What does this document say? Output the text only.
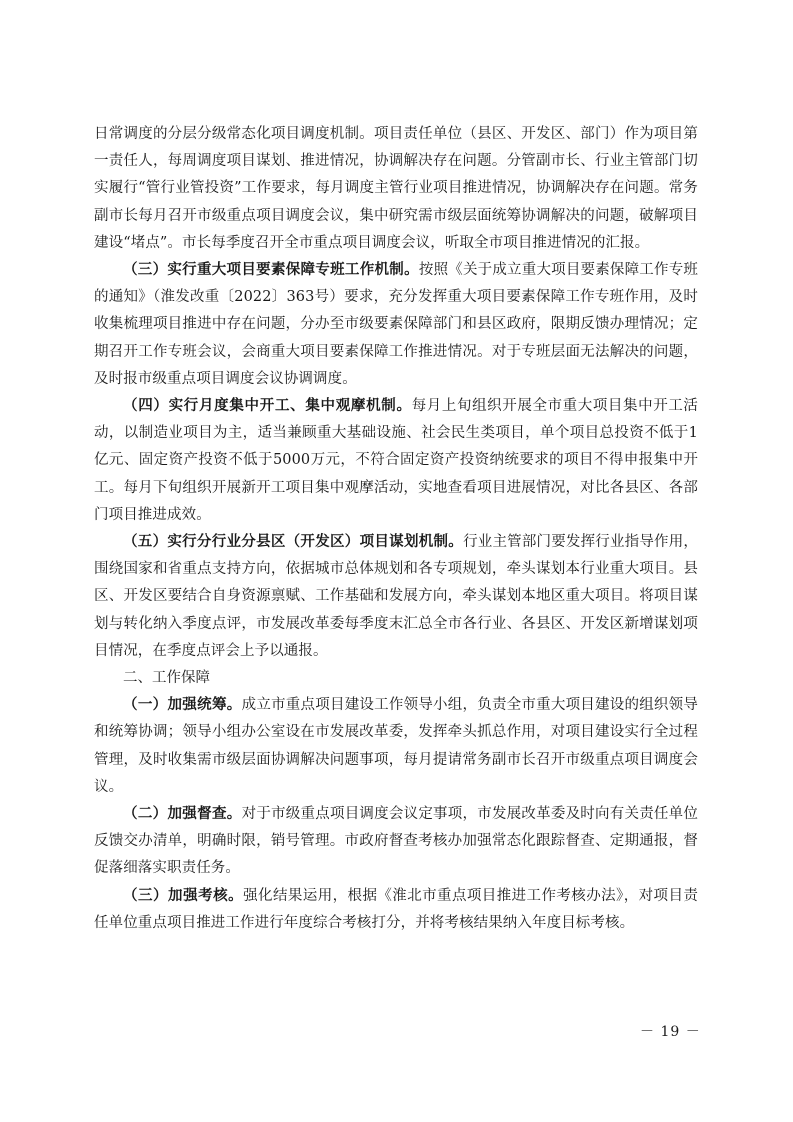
日常调度的分层分级常态化项目调度机制。项目责任单位（县区、开发区、部门）作为项目第一责任人，每周调度项目谋划、推进情况，协调解决存在问题。分管副市长、行业主管部门切实履行“管行业管投资”工作要求，每月调度主管行业项目推进情况，协调解决存在问题。常务副市长每月召开市级重点项目调度会议，集中研究需市级层面统筹协调解决的问题，破解项目建设“堵点”。市长每季度召开全市重点项目调度会议，听取全市项目推进情况的汇报。

（三）实行重大项目要素保障专班工作机制。按照《关于成立重大项目要素保障工作专班的通知》（淮发改重〔2022〕363号）要求，充分发挥重大项目要素保障工作专班作用，及时收集梳理项目推进中存在问题，分办至市级要素保障部门和县区政府，限期反馈办理情况；定期召开工作专班会议，会商重大项目要素保障工作推进情况。对于专班层面无法解决的问题，及时报市级重点项目调度会议协调调度。

（四）实行月度集中开工、集中观摩机制。每月上旬组织开展全市重大项目集中开工活动，以制造业项目为主，适当兼顾重大基础设施、社会民生类项目，单个项目总投资不低于1亿元、固定资产投资不低于5000万元，不符合固定资产投资纳统要求的项目不得申报集中开工。每月下旬组织开展新开工项目集中观摩活动，实地查看项目进展情况，对比各县区、各部门项目推进成效。

（五）实行分行业分县区（开发区）项目谋划机制。行业主管部门要发挥行业指导作用，围绕国家和省重点支持方向，依据城市总体规划和各专项规划，牵头谋划本行业重大项目。县区、开发区要结合自身资源禀赋、工作基础和发展方向，牵头谋划本地区重大项目。将项目谋划与转化纳入季度点评，市发展改革委每季度末汇总全市各行业、各县区、开发区新增谋划项目情况，在季度点评会上予以通报。

二、工作保障

（一）加强统筹。成立市重点项目建设工作领导小组，负责全市重大项目建设的组织领导和统筹协调；领导小组办公室设在市发展改革委，发挥牵头抓总作用，对项目建设实行全过程管理，及时收集需市级层面协调解决问题事项，每月提请常务副市长召开市级重点项目调度会议。

（二）加强督查。对于市级重点项目调度会议定事项，市发展改革委及时向有关责任单位反馈交办清单，明确时限，销号管理。市政府督查考核办加强常态化跟踪督查、定期通报，督促落细落实职责任务。

（三）加强考核。强化结果运用，根据《淮北市重点项目推进工作考核办法》，对项目责任单位重点项目推进工作进行年度综合考核打分，并将考核结果纳入年度目标考核。

－ 19 －
